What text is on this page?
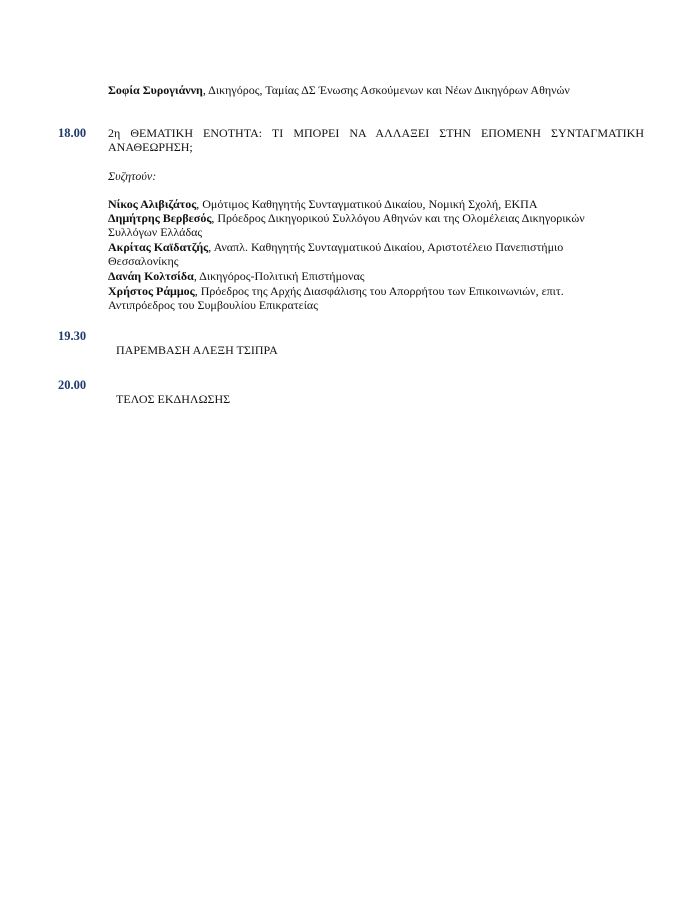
Σοφία Συρογιάννη, Δικηγόρος, Ταμίας ΔΣ Ένωσης Ασκούμενων και Νέων Δικηγόρων Αθηνών
18.00 2η ΘΕΜΑΤΙΚΗ ΕΝΟΤΗΤΑ: ΤΙ ΜΠΟΡΕΙ ΝΑ ΑΛΛΑΞΕΙ ΣΤΗΝ ΕΠΟΜΕΝΗ ΣΥΝΤΑΓΜΑΤΙΚΗ
ΑΝΑΘΕΩΡΗΣΗ;
Συζητούν:
Νίκος Αλιβιζάτος, Ομότιμος Καθηγητής Συνταγματικού Δικαίου, Νομική Σχολή, ΕΚΠΑ
Δημήτρης Βερβεσός, Πρόεδρος Δικηγορικού Συλλόγου Αθηνών και της Ολομέλειας Δικηγορικών
Συλλόγων Ελλάδας
Ακρίτας Καϊδατζής, Αναπλ. Καθηγητής Συνταγματικού Δικαίου, Αριστοτέλειο Πανεπιστήμιο
Θεσσαλονίκης
Δανάη Κολτσίδα, Δικηγόρος-Πολιτική Επιστήμονας
Χρήστος Ράμμος, Πρόεδρος της Αρχής Διασφάλισης του Απορρήτου των Επικοινωνιών, επιτ.
Αντιπρόεδρος του Συμβουλίου Επικρατείας
19.30
ΠΑΡΕΜΒΑΣΗ ΑΛΕΞΗ ΤΣΙΠΡΑ
20.00
ΤΕΛΟΣ ΕΚΔΗΛΩΣΗΣ
